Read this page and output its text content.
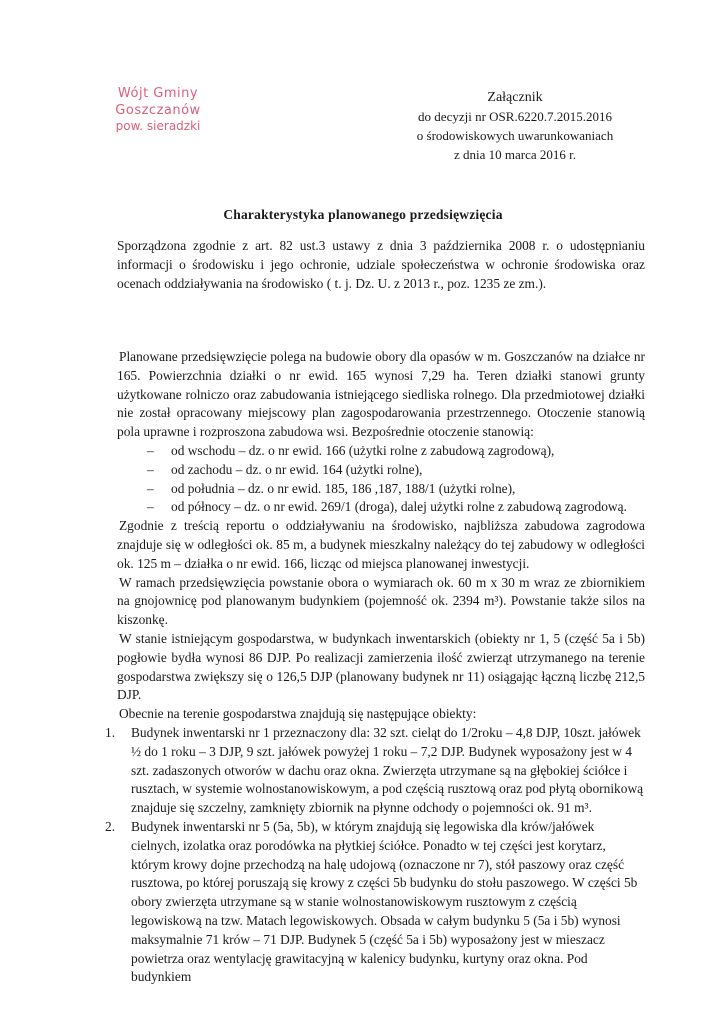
Wójt Gminy
Goszczanów
pow. sieradzki
Załącznik
do decyzji nr OSR.6220.7.2015.2016
o środowiskowych uwarunkowaniach
z dnia 10 marca 2016 r.
Charakterystyka planowanego przedsięwzięcia

Sporządzona zgodnie z art. 82 ust.3 ustawy z dnia 3 października 2008 r. o udostępnianiu informacji o środowisku i jego ochronie, udziale społeczeństwa w ochronie środowiska oraz ocenach oddziaływania na środowisko ( t. j. Dz. U. z 2013 r., poz. 1235 ze zm.).

Planowane przedsięwzięcie polega na budowie obory dla opasów w m. Goszczanów na działce nr 165. Powierzchnia działki o nr ewid. 165 wynosi 7,29 ha. Teren działki stanowi grunty użytkowane rolniczo oraz zabudowania istniejącego siedliska rolnego. Dla przedmiotowej działki nie został opracowany miejscowy plan zagospodarowania przestrzennego. Otoczenie stanowią pola uprawne i rozproszona zabudowa wsi. Bezpośrednie otoczenie stanowią:

– od wschodu – dz. o nr ewid. 166 (użytki rolne z zabudową zagrodową),
– od zachodu – dz. o nr ewid. 164 (użytki rolne),
– od południa – dz. o nr ewid. 185, 186 ,187, 188/1 (użytki rolne),
– od północy – dz. o nr ewid. 269/1 (droga), dalej użytki rolne z zabudową zagrodową.

Zgodnie z treścią reportu o oddziaływaniu na środowisko, najbliższa zabudowa zagrodowa znajduje się w odległości ok. 85 m, a budynek mieszkalny należący do tej zabudowy w odległości ok. 125 m – działka o nr ewid. 166, licząc od miejsca planowanej inwestycji.

W ramach przedsięwzięcia powstanie obora o wymiarach ok. 60 m x 30 m wraz ze zbiornikiem na gnojownicę pod planowanym budynkiem (pojemność ok. 2394 m³). Powstanie także silos na kiszonkę.

W stanie istniejącym gospodarstwa, w budynkach inwentarskich (obiekty nr 1, 5 (część 5a i 5b) pogłowie bydła wynosi 86 DJP. Po realizacji zamierzenia ilość zwierząt utrzymanego na terenie gospodarstwa zwiększy się o 126,5 DJP (planowany budynek nr 11) osiągając łączną liczbę 212,5 DJP.

Obecnie na terenie gospodarstwa znajdują się następujące obiekty:

1. Budynek inwentarski nr 1 przeznaczony dla: 32 szt. cieląt do 1/2roku – 4,8 DJP, 10szt. jałówek ½ do 1 roku – 3 DJP, 9 szt. jałówek powyżej 1 roku – 7,2 DJP. Budynek wyposażony jest w 4 szt. zadaszonych otworów w dachu oraz okna. Zwierzęta utrzymane są na głębokiej ściółce i rusztach, w systemie wolnostanowiskowym, a pod częścią rusztową oraz pod płytą obornikową znajduje się szczelny, zamknięty zbiornik na płynne odchody o pojemności ok. 91 m³.
2. Budynek inwentarski nr 5 (5a, 5b), w którym znajdują się legowiska dla krów/jałówek cielnych, izolatka oraz porodówka na płytkiej ściółce. Ponadto w tej części jest korytarz, którym krowy dojne przechodzą na halę udojową (oznaczone nr 7), stół paszowy oraz część rusztowa, po której poruszają się krowy z części 5b budynku do stołu paszowego. W części 5b obory zwierzęta utrzymane są w stanie wolnostanowiskowym rusztowym z częścią legowiskową na tzw. Matach legowiskowych. Obsada w całym budynku 5 (5a i 5b) wynosi maksymalnie 71 krów – 71 DJP. Budynek 5 (część 5a i 5b) wyposażony jest w mieszacz powietrza oraz wentylację grawitacyjną w kalenicy budynku, kurtyny oraz okna. Pod budynkiem
